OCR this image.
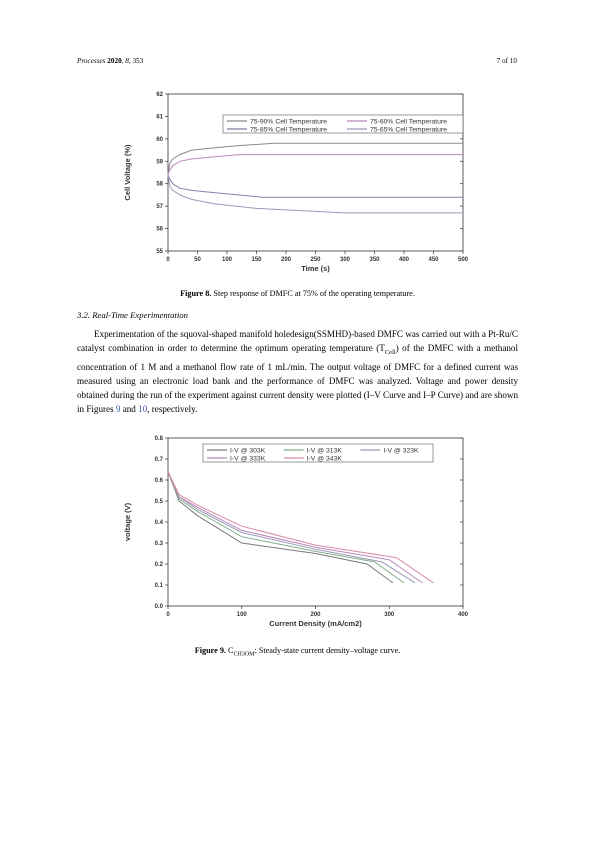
Processes 2020, 8, 353	7 of 10
0	50	100	150	200	250	300	350	400	450	500
55
56
57
58
59
60
61
62
Time (s)
Cell Voltage (%)
75-90% Cell Temperature	75-60% Cell Temperature
75-85% Cell Temperature	75-65% Cell Temperature
Figure 8. Step response of DMFC at 75% of the operating temperature.
3.2. Real-Time Experimentation
Experimentation of the squoval-shaped manifold holedesign(SSMHD)-based DMFC was carried out with a Pt-Ru/C catalyst combination in order to determine the optimum operating temperature $(T_{Cell})$ of the DMFC with a methanol concentration of 1 M and a methanol flow rate of 1 mL/min. The output voltage of DMFC for a defined current was measured using an electronic load bank and the performance of DMFC was analyzed. Voltage and power density obtained during the run of the experiment against current density were plotted (I–V Curve and I–P Curve) and are shown in Figures 9 and 10, respectively.
0	100	200	300	400
0.0
0.1
0.2
0.3
0.4
0.5
0.6
0.7
0.8
Current Density (mA/cm2)
voltage (V)
I-V @ 303K	I-V @ 313K	I-V @ 323K
I-V @ 333K	I-V @ 343K
Figure 9. $C_{CH3OM}$: Steady-state current density–voltage curve.
